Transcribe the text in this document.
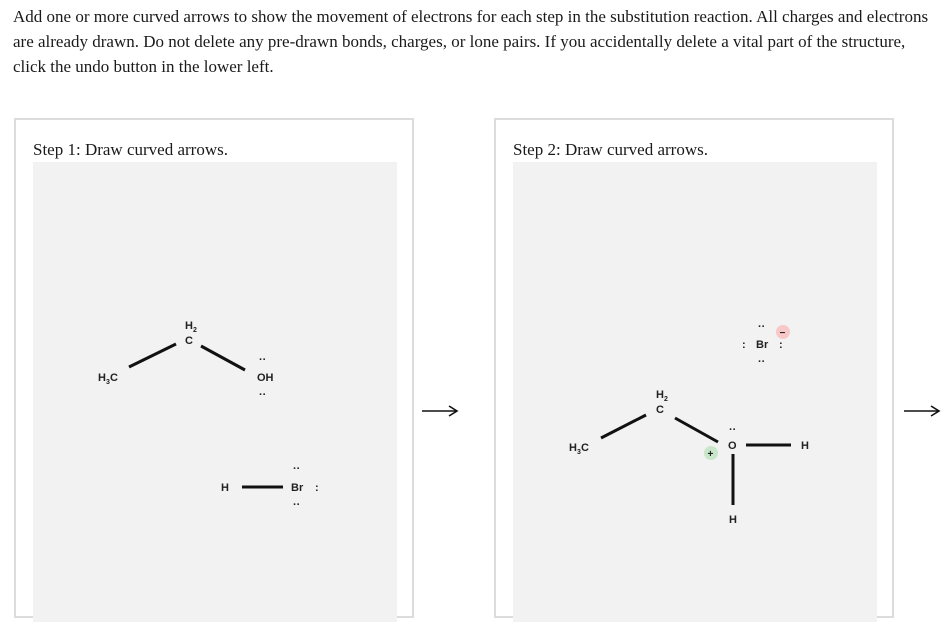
Add one or more curved arrows to show the movement of electrons for each step in the substitution reaction. All charges and electrons are already drawn. Do not delete any pre-drawn bonds, charges, or lone pairs. If you accidentally delete a vital part of the structure, click the undo button in the lower left.

Step 1: Draw curved arrows.

H 3 C
H 2
C
··
OH
··
H
··
Br :
··

Step 2: Draw curved arrows.

H 3 C
H 2
C
··
O
+
H
H
··
: Br :
··
−
